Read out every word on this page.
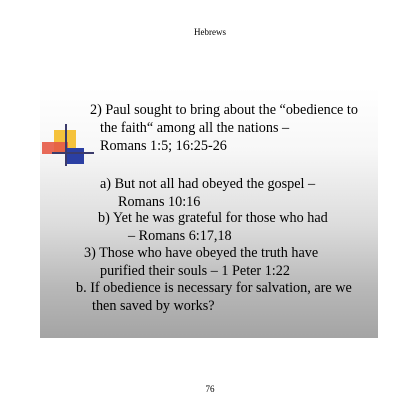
Hebrews
2) Paul sought to bring about the “obedience to
the faith“ among all the nations –
Romans 1:5; 16:25-26
a) But not all had obeyed the gospel –
Romans 10:16
b) Yet he was grateful for those who had
– Romans 6:17,18
3) Those who have obeyed the truth have
purified their souls – 1 Peter 1:22
b. If obedience is necessary for salvation, are we
then saved by works?
76
